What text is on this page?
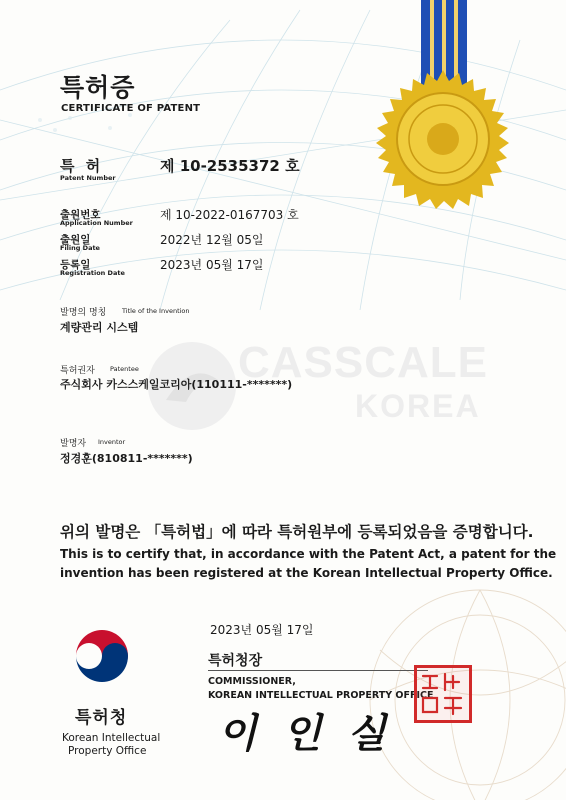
CASSCALE
KOREA
특허증
CERTIFICATE OF PATENT
특 허
Patent Number
제 10-2535372 호
출원번호
Application Number
제 10-2022-0167703 호
출원일
Filing Date
2022년 12월 05일
등록일
Registration Date
2023년 05월 17일
발명의 명칭 Title of the Invention
계량관리 시스템
특허권자 Patentee
주식회사 카스스케일코리아(110111-*******)
발명자 Inventor
정경훈(810811-*******)
위의 발명은 「특허법」에 따라 특허원부에 등록되었음을 증명합니다.
This is to certify that, in accordance with the Patent Act, a patent for the
invention has been registered at the Korean Intellectual Property Office.
2023년 05월 17일
특허청장
COMMISSIONER,
KOREAN INTELLECTUAL PROPERTY OFFICE
이 인 실
특허청
Korean Intellectual
Property Office
